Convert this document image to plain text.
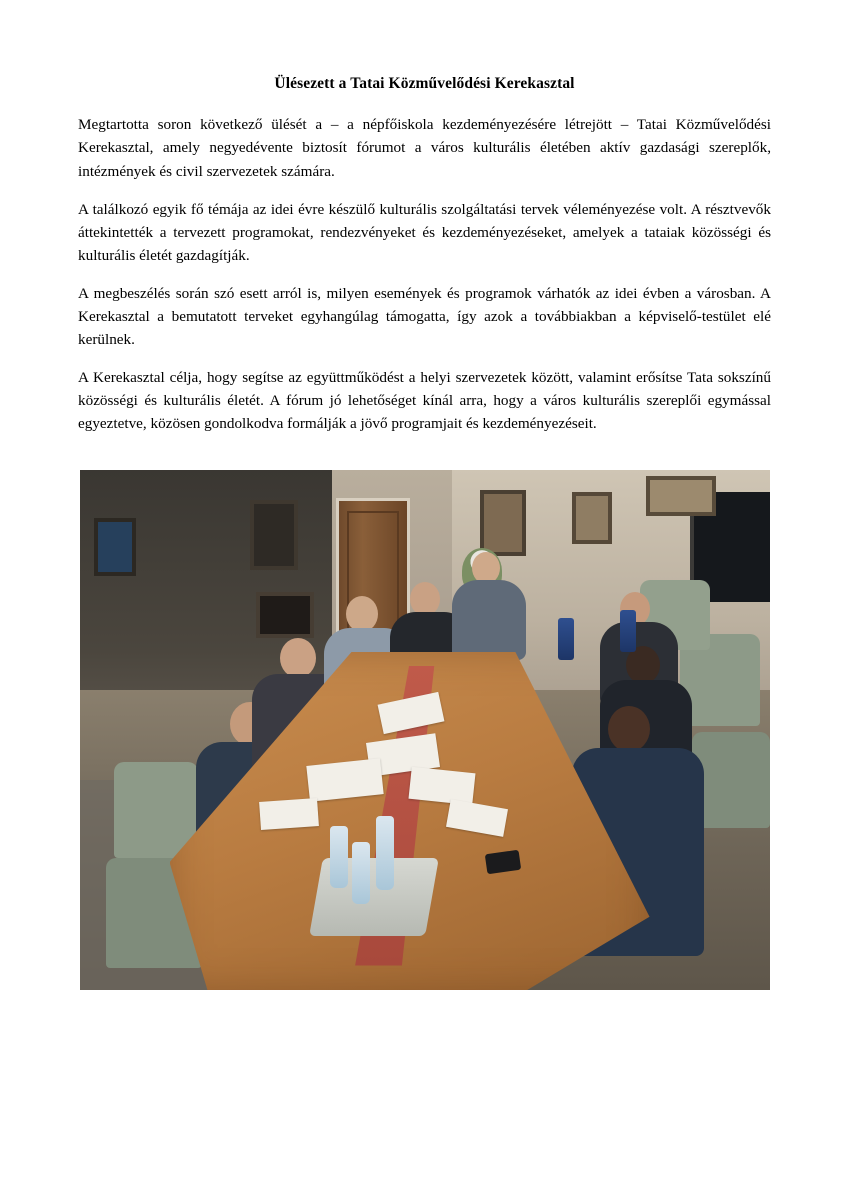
Ülésezett a Tatai Közművelődési Kerekasztal

Megtartotta soron következő ülését a – a népfőiskola kezdeményezésére létrejött – Tatai Közművelődési Kerekasztal, amely negyedévente biztosít fórumot a város kulturális életében aktív gazdasági szereplők, intézmények és civil szervezetek számára.

A találkozó egyik fő témája az idei évre készülő kulturális szolgáltatási tervek véleményezése volt. A résztvevők áttekintették a tervezett programokat, rendezvényeket és kezdeményezéseket, amelyek a tataiak közösségi és kulturális életét gazdagítják.

A megbeszélés során szó esett arról is, milyen események és programok várhatók az idei évben a városban. A Kerekasztal a bemutatott terveket egyhangúlag támogatta, így azok a továbbiakban a képviselő-testület elé kerülnek.

A Kerekasztal célja, hogy segítse az együttműködést a helyi szervezetek között, valamint erősítse Tata sokszínű közösségi és kulturális életét. A fórum jó lehetőséget kínál arra, hogy a város kulturális szereplői egymással egyeztetve, közösen gondolkodva formálják a jövő programjait és kezdeményezéseit.
